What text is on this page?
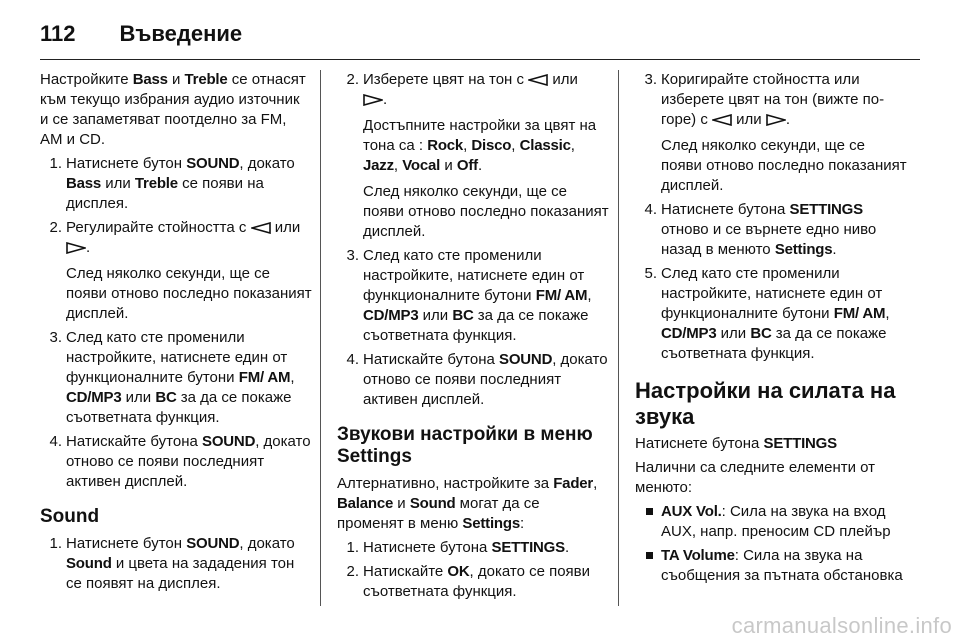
112 Въведение

Настройките Bass и Treble се отнасят към текущо избрания аудио източник и се запаметяват поотделно за FM, AM и CD.

1. Натиснете бутон SOUND, докато Bass или Treble се появи на дисплея.
2. Регулирайте стойността с  или .
След няколко секунди, ще се появи отново последно показаният дисплей.
3. След като сте променили настройките, натиснете един от функционалните бутони FM/ AM, CD/MP3 или BC за да се покаже съответната функция.
4. Натискайте бутона SOUND, докато отново се появи последният активен дисплей.
Sound
1. Натиснете бутон SOUND, докато Sound и цвета на зададения тон се появят на дисплея.
2. Изберете цвят на тон с  или
.
Достъпните настройки за цвят на тона са : Rock, Disco, Classic, Jazz, Vocal и Off.
След няколко секунди, ще се появи отново последно показаният дисплей.
3. След като сте променили настройките, натиснете един от функционалните бутони FM/ AM, CD/MP3 или BC за да се покаже съответната функция.
4. Натискайте бутона SOUND, докато отново се появи последният активен дисплей.
Звукови настройки в меню Settings

Алтернативно, настройките за Fader, Balance и Sound могат да се променят в меню Settings:

1. Натиснете бутона SETTINGS.
2. Натискайте OK, докато се появи съответната функция.
3. Коригирайте стойността или изберете цвят на тон (вижте по-горе) с  или .
След няколко секунди, ще се появи отново последно показаният дисплей.
4. Натиснете бутона SETTINGS отново и се върнете едно ниво назад в менюто Settings.
5. След като сте променили настройките, натиснете един от функционалните бутони FM/ AM, CD/MP3 или BC за да се покаже съответната функция.
Настройки на силата на звука

Натиснете бутона SETTINGS

Налични са следните елементи от менюто:

AUX Vol.: Сила на звука на вход AUX, напр. преносим CD плейър
TA Volume: Сила на звука на съобщения за пътната обстановка
carmanualsonline.info
